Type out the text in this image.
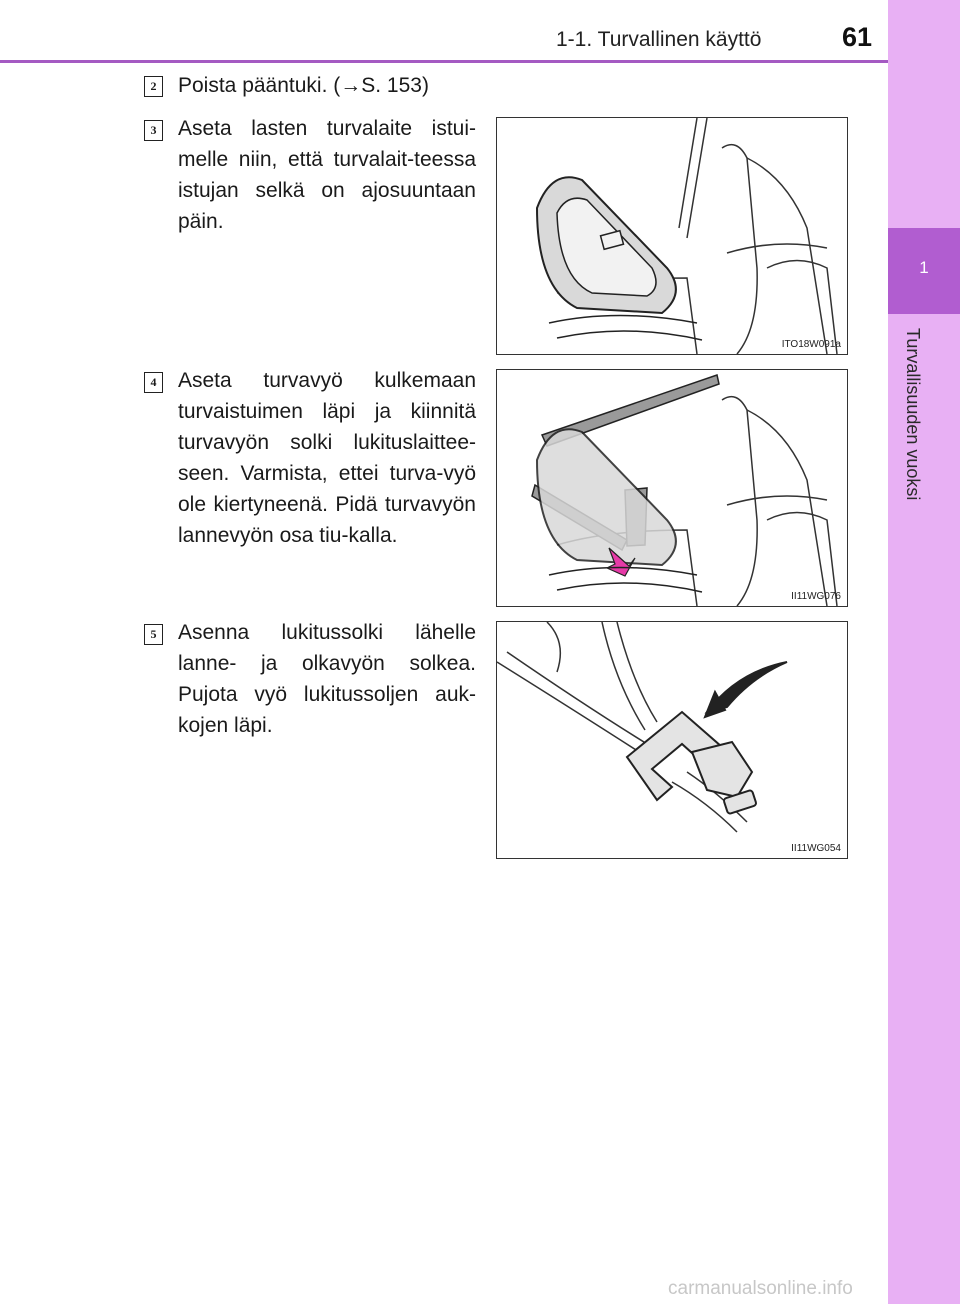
1-1. Turvallinen käyttö	61
1
Turvallisuuden vuoksi
2	Poista pääntuki. (→S. 153)
3	Aseta lasten turvalaite istui-melle niin, että turvalait-teessa istujan selkä on ajosuuntaan päin.
4	Aseta turvavyö kulkemaan turvaistuimen läpi ja kiinnitä turvavyön solki lukituslaittee-seen. Varmista, ettei turva-vyö ole kiertyneenä. Pidä turvavyön lannevyön osa tiu-kalla.
5	Asenna lukitussolki lähelle lanne- ja olkavyön solkea. Pujota vyö lukitussoljen auk-kojen läpi.
ITO18W091a
II11WG076
II11WG054
carmanualsonline.info
